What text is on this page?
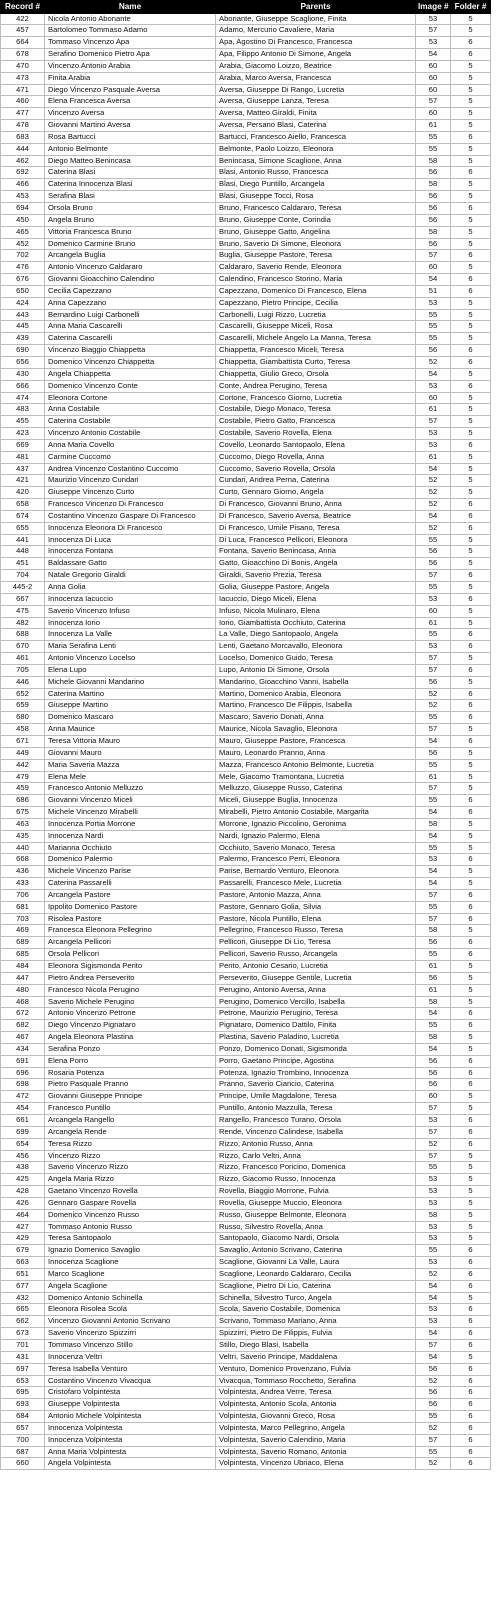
Record #	Name	Parents	Image #	Folder #
422	Nicola Antonio Abonante	Abonante, Giuseppe Scaglione, Finita	53	5
457	Bartolomeo Tommaso Adamo	Adamo, Mercurio Cavaliere, Maria	57	5
664	Tommaso Vincenzo Apa	Apa, Agostino Di Francesco, Francesca	53	6
678	Serafino Domenico Pietro Apa	Apa, Filippo Antonio Di Simone, Angela	54	6
470	Vincenzo Antonio Arabia	Arabia, Giacomo Loizzo, Beatrice	60	5
473	Finita Arabia	Arabia, Marco Aversa, Francesca	60	5
471	Diego Vincenzo Pasquale Aversa	Aversa, Giuseppe Di Rango, Lucretia	60	5
460	Elena Francesca Aversa	Aversa, Giuseppe Lanza, Teresa	57	5
477	Vincenzo Aversa	Aversa, Matteo Giraldi, Finita	60	5
478	Giovanni Martino Aversa	Aversa, Persano Blasi, Caterina	61	5
683	Rosa Bartucci	Bartucci, Francesco Aiello, Francesca	55	6
444	Antonio Belmonte	Belmonte, Paolo Loizzo, Eleonora	55	5
462	Diego Matteo Benincasa	Benincasa, Simone Scaglione, Anna	58	5
692	Caterina Blasi	Blasi, Antonio Russo, Francesca	56	6
466	Caterina Innocenza Blasi	Blasi, Diego Puntillo, Arcangela	58	5
453	Serafina Blasi	Blasi, Giuseppe Tocci, Rosa	56	5
694	Orsola Bruno	Bruno, Francesco Caldararo, Teresa	56	6
450	Angela Bruno	Bruno, Giuseppe Conte, Corindia	56	5
465	Vittoria Francesca Bruno	Bruno, Giuseppe Gatto, Angelina	58	5
452	Domenico Carmine Bruno	Bruno, Saverio Di Simone, Eleonora	56	5
702	Arcangela Buglia	Buglia, Giuseppe Pastore, Teresa	57	6
476	Antonio Vincenzo Caldararo	Caldararo, Saverio Rende, Eleonora	60	5
676	Giovanni Gioacchino Calendino	Calendino, Francesco Storino, Maria	54	6
650	Cecilia Capezzano	Capezzano, Domenico Di Francesco, Elena	51	6
424	Anna Capezzano	Capezzano, Pietro Principe, Cecilia	53	5
443	Bernardino Luigi Carbonelli	Carbonelli, Luigi Rizzo, Lucretia	55	5
445	Anna Maria Cascarelli	Cascarelli, Giuseppe Miceli, Rosa	55	5
439	Caterina Cascarelli	Cascarelli, Michele Angelo La Manna, Teresa	55	5
690	Vincenzo Biaggio Chiappetta	Chiappetta, Francesco Miceli, Teresa	56	6
656	Domenico Vincenzo Chiappetta	Chiappetta, Giambattista Curto, Teresa	52	6
430	Angela Chiappetta	Chiappetta, Giulio Greco, Orsola	54	5
666	Domenico Vincenzo Conte	Conte, Andrea Perugino, Teresa	53	6
474	Eleonora Cortone	Cortone, Francesco Giorno, Lucretia	60	5
483	Anna Costabile	Costabile, Diego Monaco, Teresa	61	5
455	Caterina Costabile	Costabile, Pietro Gatto, Francesca	57	5
423	Vincenzo Antonio Costabile	Costabile, Saverio Rovella, Elena	53	5
669	Anna Maria Covello	Covello, Leonardo Santopaolo, Elena	53	6
481	Carmine Cuccomo	Cuccomo, Diego Rovella, Anna	61	5
437	Andrea Vincenzo Costantino Cuccomo	Cuccomo, Saverio Rovella, Orsola	54	5
421	Maurizio Vincenzo Cundari	Cundari, Andrea Perna, Caterina	52	5
420	Giuseppe Vincenzo Curto	Curto, Gennaro Giorno, Angela	52	5
658	Francesco Vincenzo Di Francesco	Di Francesco, Giovanni Bruno, Anna	52	6
674	Costantino Vincenzo Gaspare Di Francesco	Di Francesco, Saverio Aversa, Beatrice	54	6
655	Innocenza Eleonora Di Francesco	Di Francesco, Umile Pisano, Teresa	52	6
441	Innocenza Di Luca	Di Luca, Francesco Pellicori, Eleonora	55	5
448	Innocenza Fontana	Fontana, Saverio Benincasa, Anna	56	5
451	Baldassare Gatto	Gatto, Gioacchino Di Bonis, Angela	56	5
704	Natale Gregorio Giraldi	Giraldi, Saverio Prezia, Teresa	57	6
445-2	Anna Golia	Golia, Giuseppe Pastore, Angela	55	5
667	Innocenza Iacuccio	Iacuccio, Diego Miceli, Elena	53	6
475	Saverio Vincenzo Infuso	Infuso, Nicola Mulinaro, Elena	60	5
482	Innocenza Iorio	Iorio, Giambattista Occhiuto, Caterina	61	5
688	Innocenza La Valle	La Valle, Diego Santopaolo, Angela	55	6
670	Maria Serafina Lenti	Lenti, Gaetano Morcavallo, Eleonora	53	6
461	Antonio Vincenzo Locelso	Locelso, Domenico Guido, Teresa	57	5
705	Elena Lupo	Lupo, Antonio Di Simone, Orsola	57	6
446	Michele Giovanni Mandarino	Mandarino, Gioacchino Vanni, Isabella	56	5
652	Caterina Martino	Martino, Domenico Arabia, Eleonora	52	6
659	Giuseppe Martino	Martino, Francesco De Filippis, Isabella	52	6
680	Domenico Mascaro	Mascaro, Saverio Donati, Anna	55	6
458	Anna Maurice	Maurice, Nicola Savaglio, Eleonora	57	5
671	Teresa Vittoria Mauro	Mauro, Giuseppe Pastore, Francesca	54	6
449	Giovanni Mauro	Mauro, Leonardo Pranno, Anna	56	5
442	Maria Saveria Mazza	Mazza, Francesco Antonio Belmonte, Lucretia	55	5
479	Elena Mele	Mele, Giacomo Tramontana, Lucretia	61	5
459	Francesco Antonio Melluzzo	Melluzzo, Giuseppe Russo, Caterina	57	5
686	Giovanni Vincenzo Miceli	Miceli, Giuseppe Buglia, Innocenza	55	6
675	Michele Vincenzo Mirabelli	Mirabelli, Pietro Antonio Costabile, Margarita	54	6
463	Innocenza Portia Morrone	Morrone, Ignazio Piccolino, Geronima	58	5
435	Innocenza Nardi	Nardi, Ignazio Palermo, Elena	54	5
440	Marianna Occhiuto	Occhiuto, Saverio Monaco, Teresa	55	5
668	Domenico Palermo	Palermo, Francesco Perri, Eleonora	53	6
436	Michele Vincenzo Parise	Parise, Bernardo Venturo, Eleonora	54	5
433	Caterina Passarelli	Passarelli, Francesco Mele, Lucretia	54	5
706	Arcangela Pastore	Pastore, Antonio Mazza, Anna	57	6
681	Ippolito Domenico Pastore	Pastore, Gennaro Golia, Silvia	55	6
703	Risolea Pastore	Pastore, Nicola Puntillo, Elena	57	6
469	Francesca Eleonora Pellegrino	Pellegrino, Francesco Russo, Teresa	58	5
689	Arcangela Pellicori	Pellicori, Giuseppe Di Lio, Teresa	56	6
685	Orsola Pellicori	Pellicori, Saverio Russo, Arcangela	55	6
484	Eleonora Sigismonda Perito	Perito, Antonio Cesario, Lucretia	61	5
447	Pietro Andrea Perseverito	Perseverito, Giuseppe Gentile, Lucretia	56	5
480	Francesco Nicola Perugino	Perugino, Antonio Aversa, Anna	61	5
468	Saverio Michele Perugino	Perugino, Domenico Vercillo, Isabella	58	5
672	Antonio Vincenzo Petrone	Petrone, Maurizio Perugino, Teresa	54	6
682	Diego Vincenzo Pignataro	Pignataro, Domenico Dattilo, Finita	55	6
467	Angela Eleonora Plastina	Plastina, Saverio Paladino, Lucretia	58	5
434	Serafina Ponzo	Ponzo, Domenico Donati, Sigismonda	54	5
691	Elena Porro	Porro, Gaetano Principe, Agostina	56	6
696	Rosaria Potenza	Potenza, Ignazio Trombino, Innocenza	56	6
698	Pietro Pasquale Pranno	Pranno, Saverio Ciancio, Caterina	56	6
472	Giovanni Giuseppe Principe	Principe, Umile Magdalone, Teresa	60	5
454	Francesco Puntillo	Puntillo, Antonio Mazzulla, Teresa	57	5
661	Arcangela Rangello	Rangello, Francesco Turano, Orsola	53	6
699	Arcangela Rende	Rende, Vincenzo Calindese, Isabella	57	6
654	Teresa Rizzo	Rizzo, Antonio Russo, Anna	52	6
456	Vincenzo Rizzo	Rizzo, Carlo Veltri, Anna	57	5
438	Saverio Vincenzo Rizzo	Rizzo, Francesco Poricino, Domenica	55	5
425	Angela Maria Rizzo	Rizzo, Giacomo Russo, Innocenza	53	5
428	Gaetano Vincenzo Rovella	Rovella, Biaggio Morrone, Fulvia	53	5
426	Gennaro Gaspare Rovella	Rovella, Giuseppe Muccio, Eleonora	53	5
464	Domenico Vincenzo Russo	Russo, Giuseppe Belmonte, Eleonora	58	5
427	Tommaso Antonio Russo	Russo, Silvestro Rovella, Anna	53	5
429	Teresa Santopaolo	Santopaolo, Giacomo Nardi, Orsola	53	5
679	Ignazio Domenico Savaglio	Savaglio, Antonio Scrivano, Caterina	55	6
663	Innocenza Scaglione	Scaglione, Giovanni La Valle, Laura	53	6
651	Marco Scaglione	Scaglione, Leonardo Caldararo, Cecilia	52	6
677	Angela Scaglione	Scaglione, Pietro Di Lio, Caterina	54	6
432	Domenico Antonio Schinella	Schinella, Silvestro Turco, Angela	54	5
665	Eleonora Risolea Scola	Scola, Saverio Costabile, Domenica	53	6
662	Vincenzo Giovanni Antonio Scrivano	Scrivano, Tommaso Mariano, Anna	53	6
673	Saverio Vincenzo Spizzirri	Spizzirri, Pietro De Filippis, Fulvia	54	6
701	Tommaso Vincenzo Stillo	Stillo, Diego Blasi, Isabella	57	6
431	Innocenza Veltri	Veltri, Saverio Principe, Maddalena	54	5
697	Teresa Isabella Venturo	Venturo, Domenico Provenzano, Fulvia	56	6
653	Costantino Vincenzo Vivacqua	Vivacqua, Tommaso Rocchetto, Serafina	52	6
695	Cristofaro Volpintesta	Volpintesta, Andrea Verre, Teresa	56	6
693	Giuseppe Volpintesta	Volpintesta, Antonio Scola, Antonia	56	6
684	Antonio Michele Volpintesta	Volpintesta, Giovanni Greco, Rosa	55	6
657	Innocenza Volpintesta	Volpintesta, Marco Pellegrino, Angela	52	6
700	Innocenza Volpintesta	Volpintesta, Saverio Calendino, Maria	57	6
687	Anna Maria Volpintesta	Volpintesta, Saverio Romano, Antonia	55	6
660	Angela Volpintesta	Volpintesta, Vincenzo Ubriaco, Elena	52	6
